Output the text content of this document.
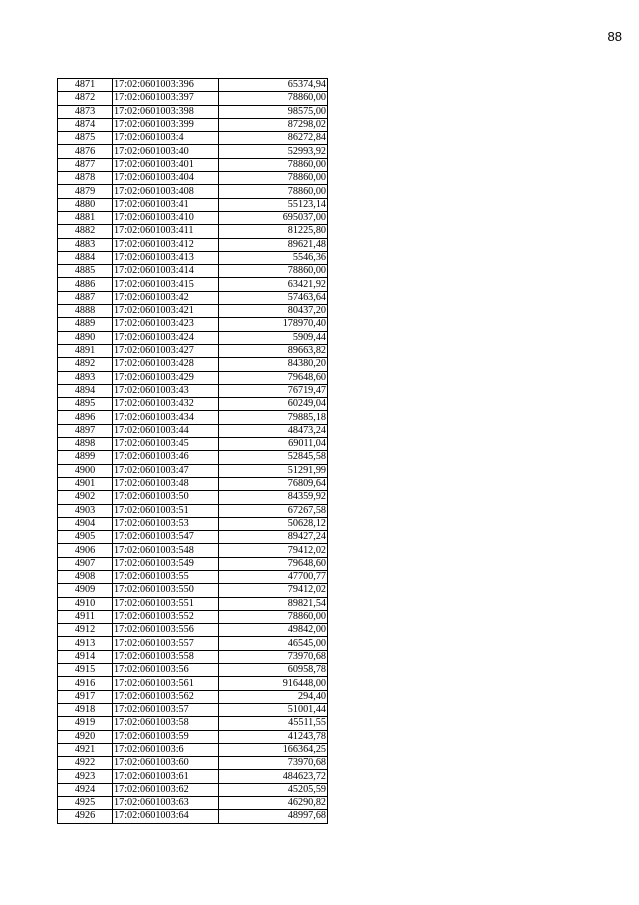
88
4871	17:02:0601003:396	65374,94
4872	17:02:0601003:397	78860,00
4873	17:02:0601003:398	98575,00
4874	17:02:0601003:399	87298,02
4875	17:02:0601003:4	86272,84
4876	17:02:0601003:40	52993,92
4877	17:02:0601003:401	78860,00
4878	17:02:0601003:404	78860,00
4879	17:02:0601003:408	78860,00
4880	17:02:0601003:41	55123,14
4881	17:02:0601003:410	695037,00
4882	17:02:0601003:411	81225,80
4883	17:02:0601003:412	89621,48
4884	17:02:0601003:413	5546,36
4885	17:02:0601003:414	78860,00
4886	17:02:0601003:415	63421,92
4887	17:02:0601003:42	57463,64
4888	17:02:0601003:421	80437,20
4889	17:02:0601003:423	178970,40
4890	17:02:0601003:424	5909,44
4891	17:02:0601003:427	89663,82
4892	17:02:0601003:428	84380,20
4893	17:02:0601003:429	79648,60
4894	17:02:0601003:43	76719,47
4895	17:02:0601003:432	60249,04
4896	17:02:0601003:434	79885,18
4897	17:02:0601003:44	48473,24
4898	17:02:0601003:45	69011,04
4899	17:02:0601003:46	52845,58
4900	17:02:0601003:47	51291,99
4901	17:02:0601003:48	76809,64
4902	17:02:0601003:50	84359,92
4903	17:02:0601003:51	67267,58
4904	17:02:0601003:53	50628,12
4905	17:02:0601003:547	89427,24
4906	17:02:0601003:548	79412,02
4907	17:02:0601003:549	79648,60
4908	17:02:0601003:55	47700,77
4909	17:02:0601003:550	79412,02
4910	17:02:0601003:551	89821,54
4911	17:02:0601003:552	78860,00
4912	17:02:0601003:556	49842,00
4913	17:02:0601003:557	46545,00
4914	17:02:0601003:558	73970,68
4915	17:02:0601003:56	60958,78
4916	17:02:0601003:561	916448,00
4917	17:02:0601003:562	294,40
4918	17:02:0601003:57	51001,44
4919	17:02:0601003:58	45511,55
4920	17:02:0601003:59	41243,78
4921	17:02:0601003:6	166364,25
4922	17:02:0601003:60	73970,68
4923	17:02:0601003:61	484623,72
4924	17:02:0601003:62	45205,59
4925	17:02:0601003:63	46290,82
4926	17:02:0601003:64	48997,68
